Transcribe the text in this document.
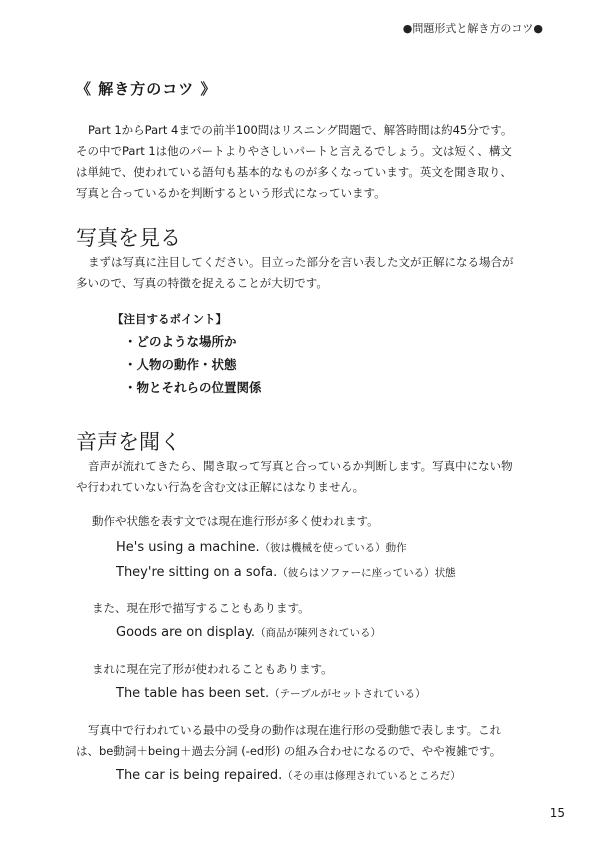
●問題形式と解き方のコツ●
《 解き方のコツ 》
Part 1からPart 4までの前半100問はリスニング問題で、解答時間は約45分です。
その中でPart 1は他のパートよりやさしいパートと言えるでしょう。文は短く、構文
は単純で、使われている語句も基本的なものが多くなっています。英文を聞き取り、
写真と合っているかを判断するという形式になっています。
写真を見る
まずは写真に注目してください。目立った部分を言い表した文が正解になる場合が
多いので、写真の特徴を捉えることが大切です。
【注目するポイント】
・どのような場所か
・人物の動作・状態
・物とそれらの位置関係
音声を聞く
音声が流れてきたら、聞き取って写真と合っているか判断します。写真中にない物
や行われていない行為を含む文は正解にはなりません。
動作や状態を表す文では現在進行形が多く使われます。
He's using a machine.（彼は機械を使っている）動作
They're sitting on a sofa.（彼らはソファーに座っている）状態
また、現在形で描写することもあります。
Goods are on display.（商品が陳列されている）
まれに現在完了形が使われることもあります。
The table has been set.（テーブルがセットされている）
写真中で行われている最中の受身の動作は現在進行形の受動態で表します。これ
は、be動詞＋being＋過去分詞 (-ed形) の組み合わせになるので、やや複雑です。
The car is being repaired.（その車は修理されているところだ）
15
